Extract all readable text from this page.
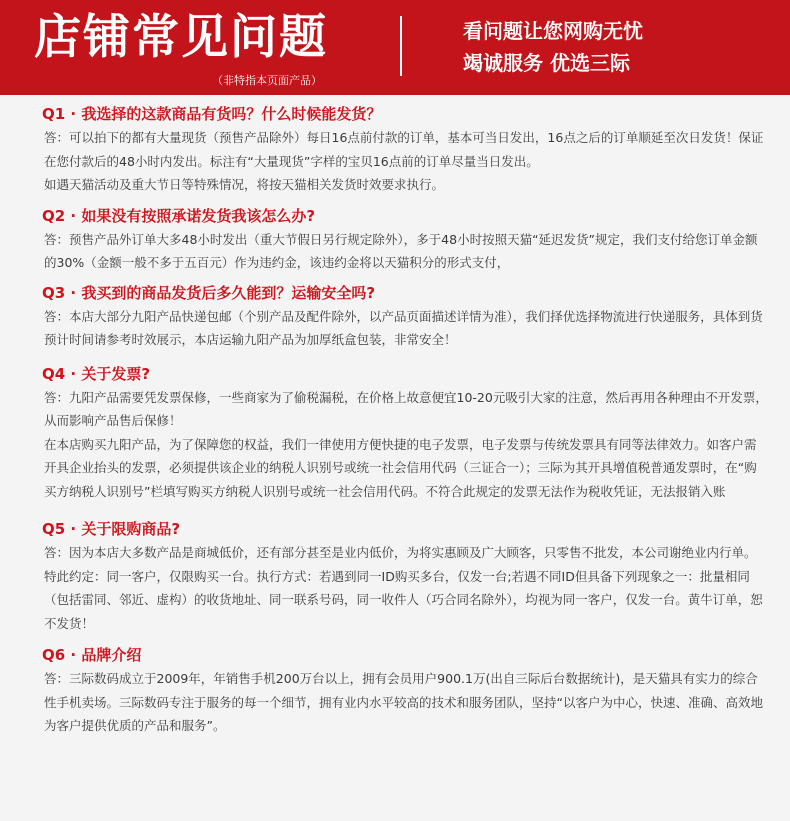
店铺常见问题
（非特指本页面产品）
看问题让您网购无忧
竭诚服务 优选三际
Q1 · 我选择的这款商品有货吗？什么时候能发货？

答：可以拍下的都有大量现货（预售产品除外）每日16点前付款的订单，基本可当日发出，16点之后的订单顺延至次日发货！保证在您付款后的48小时内发出。标注有“大量现货”字样的宝贝16点前的订单尽量当日发出。

如遇天猫活动及重大节日等特殊情况，将按天猫相关发货时效要求执行。

Q2 · 如果没有按照承诺发货我该怎么办?

答：预售产品外订单大多48小时发出（重大节假日另行规定除外），多于48小时按照天猫“延迟发货”规定，我们支付给您订单金额的30%（金额一般不多于五百元）作为违约金，该违约金将以天猫积分的形式支付，

Q3 · 我买到的商品发货后多久能到？运输安全吗?

答：本店大部分九阳产品快递包邮（个别产品及配件除外，以产品页面描述详情为准），我们择优选择物流进行快递服务，具体到货预计时间请参考时效展示，本店运输九阳产品为加厚纸盒包装，非常安全！

Q4 · 关于发票?

答：九阳产品需要凭发票保修，一些商家为了偷税漏税，在价格上故意便宜10-20元吸引大家的注意，然后再用各种理由不开发票，从而影响产品售后保修！

在本店购买九阳产品，为了保障您的权益，我们一律使用方便快捷的电子发票，电子发票与传统发票具有同等法律效力。如客户需开具企业抬头的发票，必须提供该企业的纳税人识别号或统一社会信用代码（三证合一）；三际为其开具增值税普通发票时，在“购买方纳税人识别号”栏填写购买方纳税人识别号或统一社会信用代码。不符合此规定的发票无法作为税收凭证，无法报销入账

Q5 · 关于限购商品?

答：因为本店大多数产品是商城低价，还有部分甚至是业内低价，为将实惠顾及广大顾客，只零售不批发，本公司谢绝业内行单。特此约定：同一客户，仅限购买一台。执行方式：若遇到同一ID购买多台，仅发一台;若遇不同ID但具备下列现象之一：批量相同（包括雷同、邻近、虚构）的收货地址、同一联系号码，同一收件人（巧合同名除外），均视为同一客户，仅发一台。黄牛订单，恕不发货！

Q6 · 品牌介绍

答：三际数码成立于2009年，年销售手机200万台以上，拥有会员用户900.1万(出自三际后台数据统计)，是天猫具有实力的综合性手机卖场。三际数码专注于服务的每一个细节，拥有业内水平较高的技术和服务团队，坚持“以客户为中心，快速、准确、高效地为客户提供优质的产品和服务”。
